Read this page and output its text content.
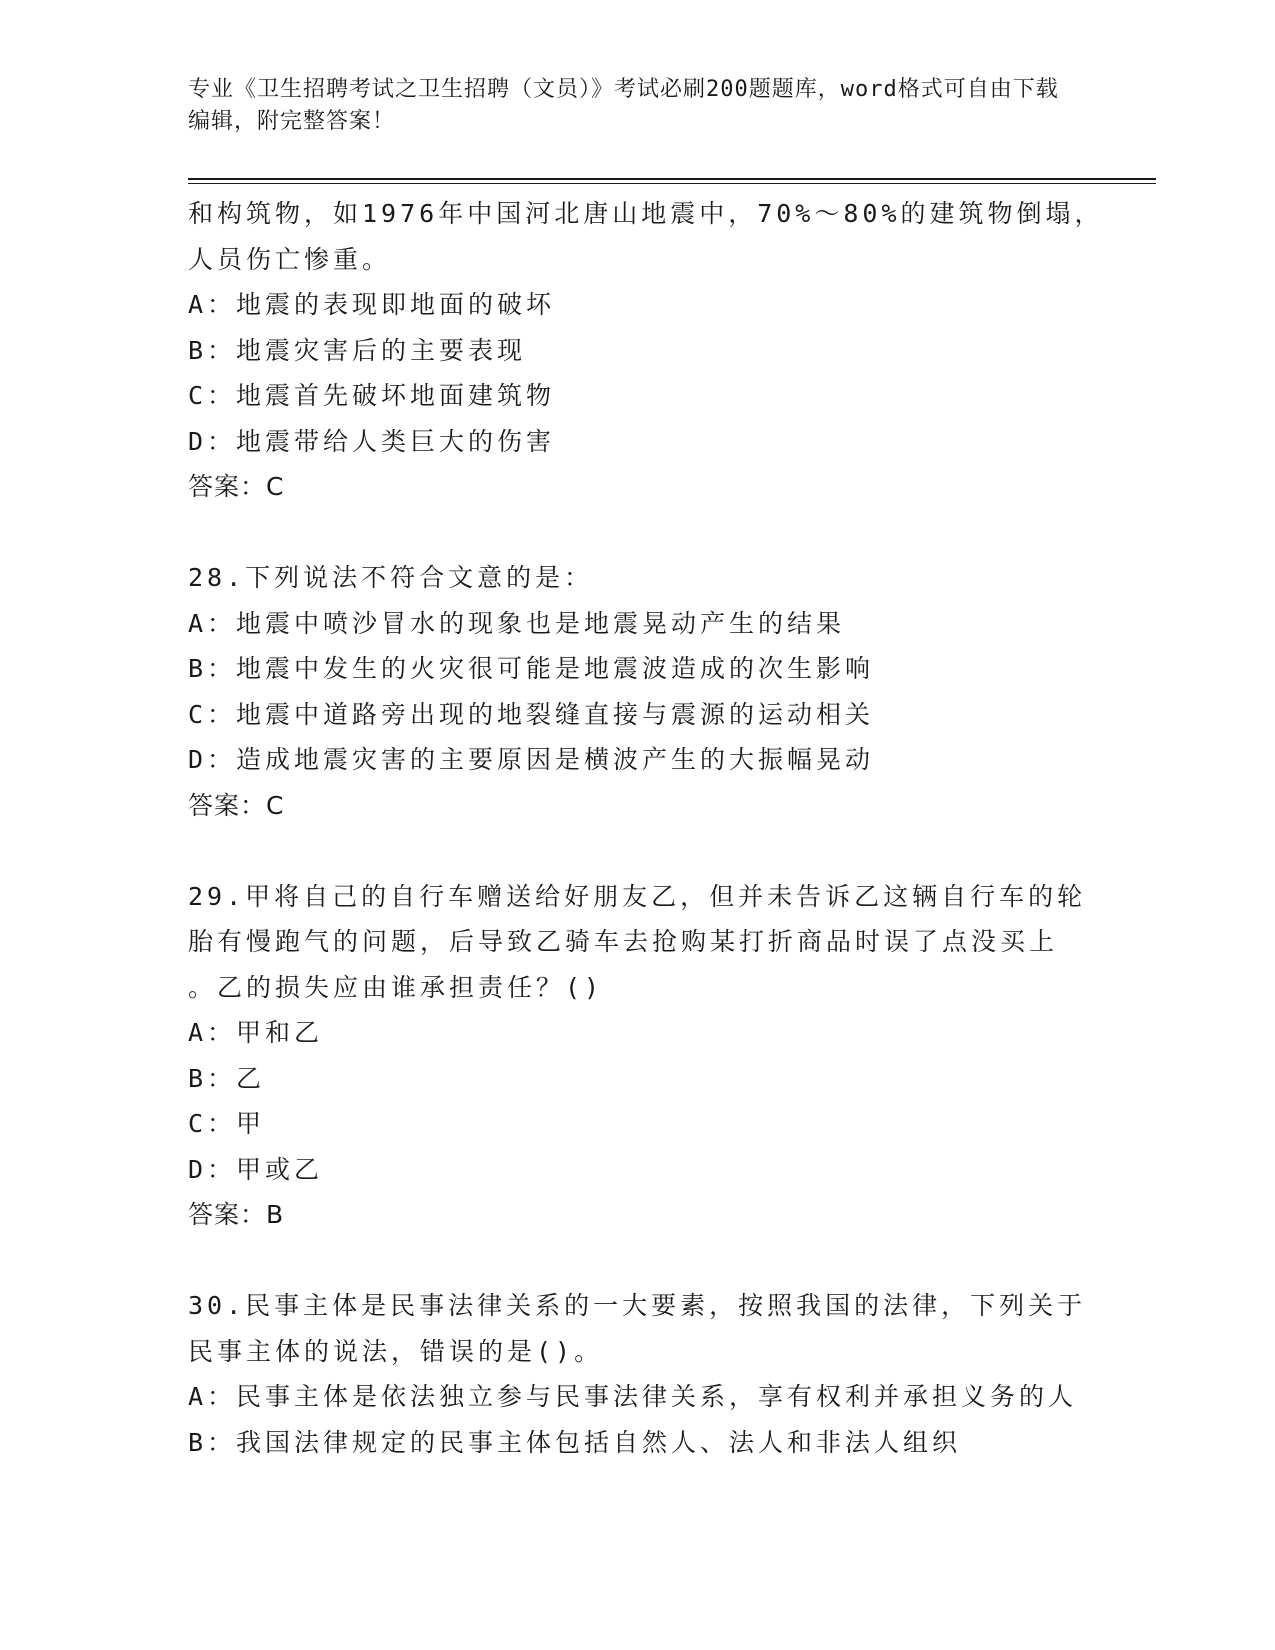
专业《卫生招聘考试之卫生招聘（文员）》考试必刷200题题库，word格式可自由下载编辑，附完整答案！
和构筑物，如1976年中国河北唐山地震中，70%～80%的建筑物倒塌，
人员伤亡惨重。
A：地震的表现即地面的破坏
B：地震灾害后的主要表现
C：地震首先破坏地面建筑物
D：地震带给人类巨大的伤害
答案：C
28.下列说法不符合文意的是：
A：地震中喷沙冒水的现象也是地震晃动产生的结果
B：地震中发生的火灾很可能是地震波造成的次生影响
C：地震中道路旁出现的地裂缝直接与震源的运动相关
D：造成地震灾害的主要原因是横波产生的大振幅晃动
答案：C
29.甲将自己的自行车赠送给好朋友乙，但并未告诉乙这辆自行车的轮
胎有慢跑气的问题，后导致乙骑车去抢购某打折商品时误了点没买上
。乙的损失应由谁承担责任？()
A：甲和乙
B：乙
C：甲
D：甲或乙
答案：B
30.民事主体是民事法律关系的一大要素，按照我国的法律，下列关于
民事主体的说法，错误的是()。
A：民事主体是依法独立参与民事法律关系，享有权利并承担义务的人
B：我国法律规定的民事主体包括自然人、法人和非法人组织
